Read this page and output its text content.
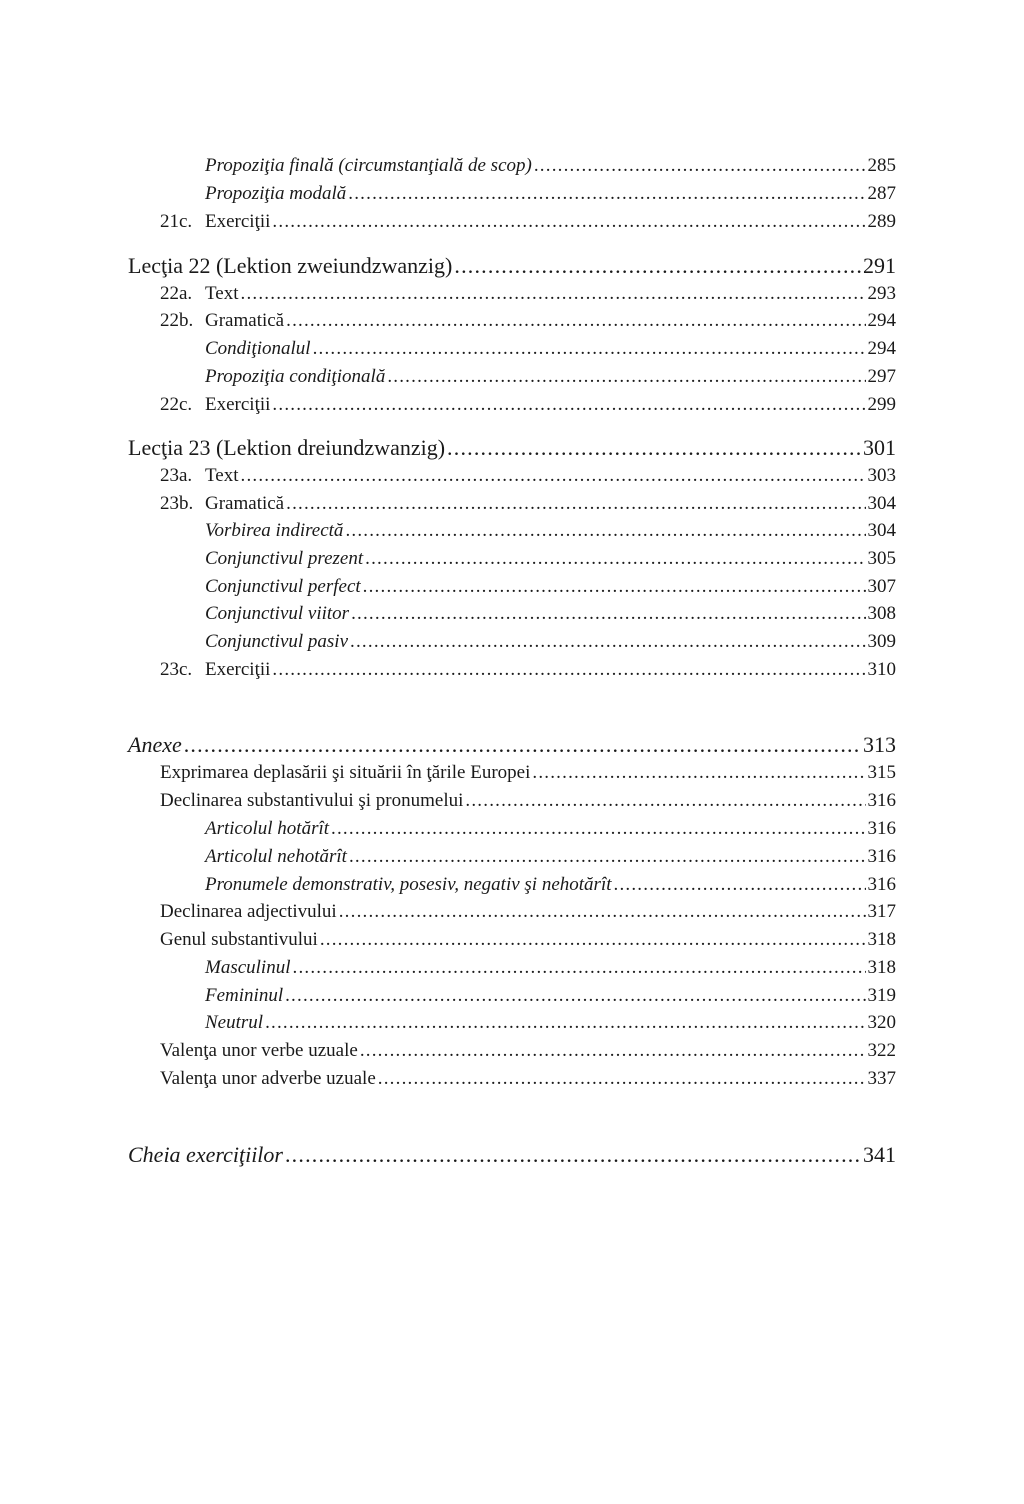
Propoziţia finală (circumstanţială de scop) .....	285
Propoziţia modală .....	287
21c. Exerciţii .....	289
Lecţia 22 (Lektion zweiundzwanzig) .....	291
22a. Text .....	293
22b. Gramatică .....	294
Condiţionalul .....	294
Propoziţia condiţională .....	297
22c. Exerciţii .....	299
Lecţia 23 (Lektion dreiundzwanzig) .....	301
23a. Text .....	303
23b. Gramatică .....	304
Vorbirea indirectă .....	304
Conjunctivul prezent .....	305
Conjunctivul perfect .....	307
Conjunctivul viitor .....	308
Conjunctivul pasiv .....	309
23c. Exerciţii .....	310
Anexe .....	313
Exprimarea deplasării şi situării în ţările Europei .....	315
Declinarea substantivului şi pronumelui .....	316
Articolul hotărît .....	316
Articolul nehotărît .....	316
Pronumele demonstrativ, posesiv, negativ şi nehotărît .....	316
Declinarea adjectivului .....	317
Genul substantivului .....	318
Masculinul .....	318
Femininul .....	319
Neutrul .....	320
Valenţa unor verbe uzuale .....	322
Valenţa unor adverbe uzuale .....	337
Cheia exerciţiilor .....	341
